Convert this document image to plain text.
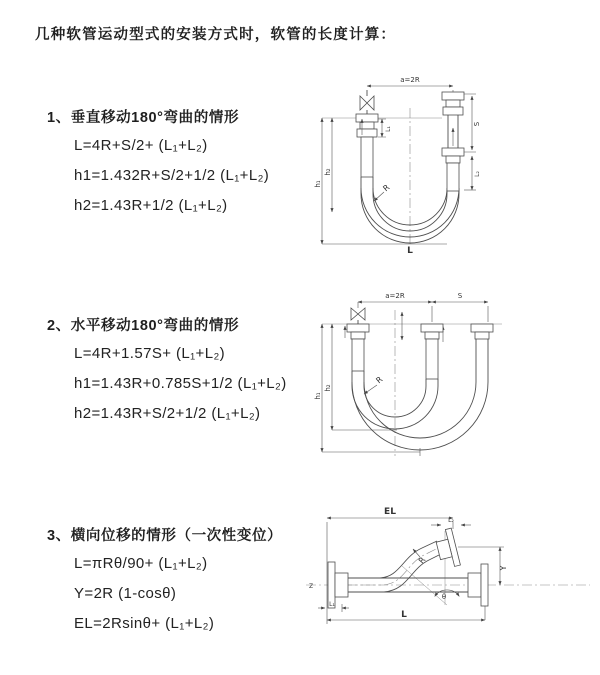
几种软管运动型式的安装方式时，软管的长度计算：
1、垂直移动180°弯曲的情形
L=4R+S/2+ (L₁+L₂)
h1=1.432R+S/2+1/2 (L₁+L₂)
h2=1.43R+1/2 (L₁+L₂)
2、水平移动180°弯曲的情形
L=4R+1.57S+ (L₁+L₂)
h1=1.43R+0.785S+1/2 (L₁+L₂)
h2=1.43R+S/2+1/2 (L₁+L₂)
3、横向位移的情形（一次性变位）
L=πRθ/90+ (L₁+L₂)
Y=2R (1-cosθ)
EL=2Rsinθ+ (L₁+L₂)
a=2R
h₁
h₂
S
L₂
L₁
R
L
a=2R	S
h₁
h₂
R
EL
L₂
Y
R
θ
L
L₁
Z
